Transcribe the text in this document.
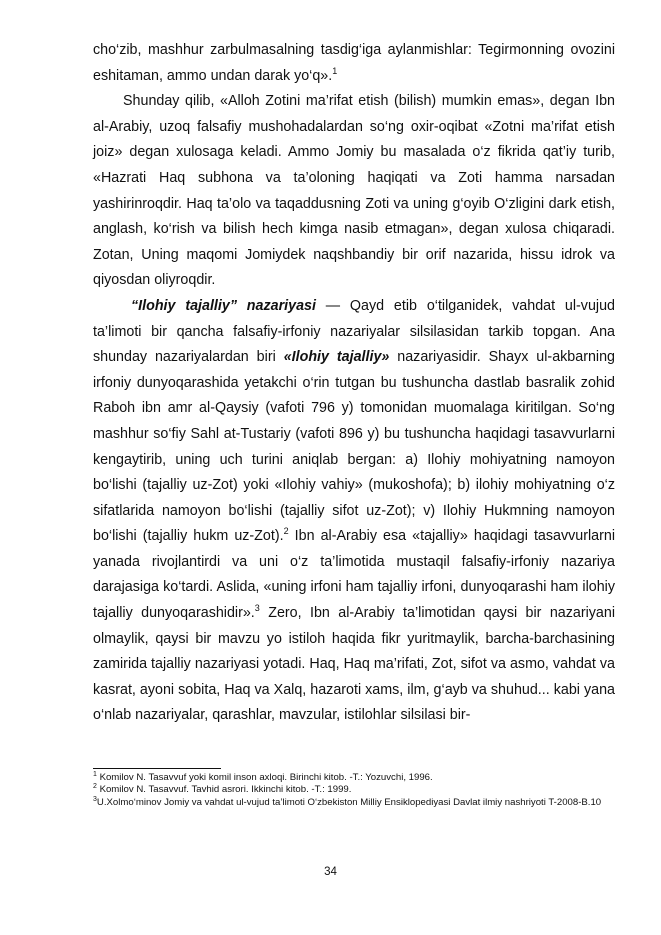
cho‘zib, mashhur zarbulmasalning tasdig‘iga aylanmishlar: Tegirmonning ovozini eshitaman, ammo undan darak yo‘q».$^1$

Shunday qilib, «Alloh Zotini ma’rifat etish (bilish) mumkin emas», degan Ibn al-Arabiy, uzoq falsafiy mushohadalardan so‘ng oxir-oqibat «Zotni ma’rifat etish joiz» degan xulosaga keladi. Ammo Jomiy bu masalada o‘z fikrida qat’iy turib, «Hazrati Haq subhona va ta’oloning haqiqati va Zoti hamma narsadan yashirinroqdir. Haq ta’olo va taqaddusning Zoti va uning g‘oyib O‘zligini dark etish, anglash, ko‘rish va bilish hech kimga nasib etmagan», degan xulosa chiqaradi. Zotan, Uning maqomi Jomiydek naqshbandiy bir orif nazarida, hissu idrok va qiyosdan oliyroqdir.

“Ilohiy tajalliy” nazariyasi — Qayd etib o‘tilganidek, vahdat ul-vujud ta’limoti bir qancha falsafiy-irfoniy nazariyalar silsilasidan tarkib topgan. Ana shunday nazariyalardan biri «Ilohiy tajalliy» nazariyasidir. Shayx ul-akbarning irfoniy dunyoqarashida yetakchi o‘rin tutgan bu tushuncha dastlab basralik zohid Raboh ibn amr al-Qaysiy (vafoti 796 y) tomonidan muomalaga kiritilgan. So‘ng mashhur so‘fiy Sahl at-Tustariy (vafoti 896 y) bu tushuncha haqidagi tasavvurlarni kengaytirib, uning uch turini aniqlab bergan: a) Ilohiy mohiyatning namoyon bo‘lishi (tajalliy uz-Zot) yoki «Ilohiy vahiy» (mukoshofa); b) ilohiy mohiyatning o‘z sifatlarida namoyon bo‘lishi (tajalliy sifot uz-Zot); v) Ilohiy Hukmning namoyon bo‘lishi (tajalliy hukm uz-Zot).$^2$ Ibn al-Arabiy esa «tajalliy» haqidagi tasavvurlarni yanada rivojlantirdi va uni o‘z ta’limotida mustaqil falsafiy-irfoniy nazariya darajasiga ko‘tardi. Aslida, «uning irfoni ham tajalliy irfoni, dunyoqarashi ham ilohiy tajalliy dunyoqarashidir».$^3$ Zero, Ibn al-Arabiy ta’limotidan qaysi bir nazariyani olmaylik, qaysi bir mavzu yo istiloh haqida fikr yuritmaylik, barcha-barchasining zamirida tajalliy nazariyasi yotadi. Haq, Haq ma’rifati, Zot, sifot va asmo, vahdat va kasrat, ayoni sobita, Haq va Xalq, hazaroti xams, ilm, g‘ayb va shuhud... kabi yana o‘nlab nazariyalar, qarashlar, mavzular, istilohlar silsilasi bir-

$^1$ Komilov N. Tasavvuf yoki komil inson axloqi. Birinchi kitob. -T.: Yozuvchi, 1996.

$^2$ Komilov N. Tasavvuf. Tavhid asrori. Ikkinchi kitob. -T.: 1999.

$^3$U.Xolmo‘minov Jomiy va vahdat ul-vujud ta’limoti O‘zbekiston Milliy Ensiklopediyasi Davlat ilmiy nashriyoti T-2008-B.10

34
